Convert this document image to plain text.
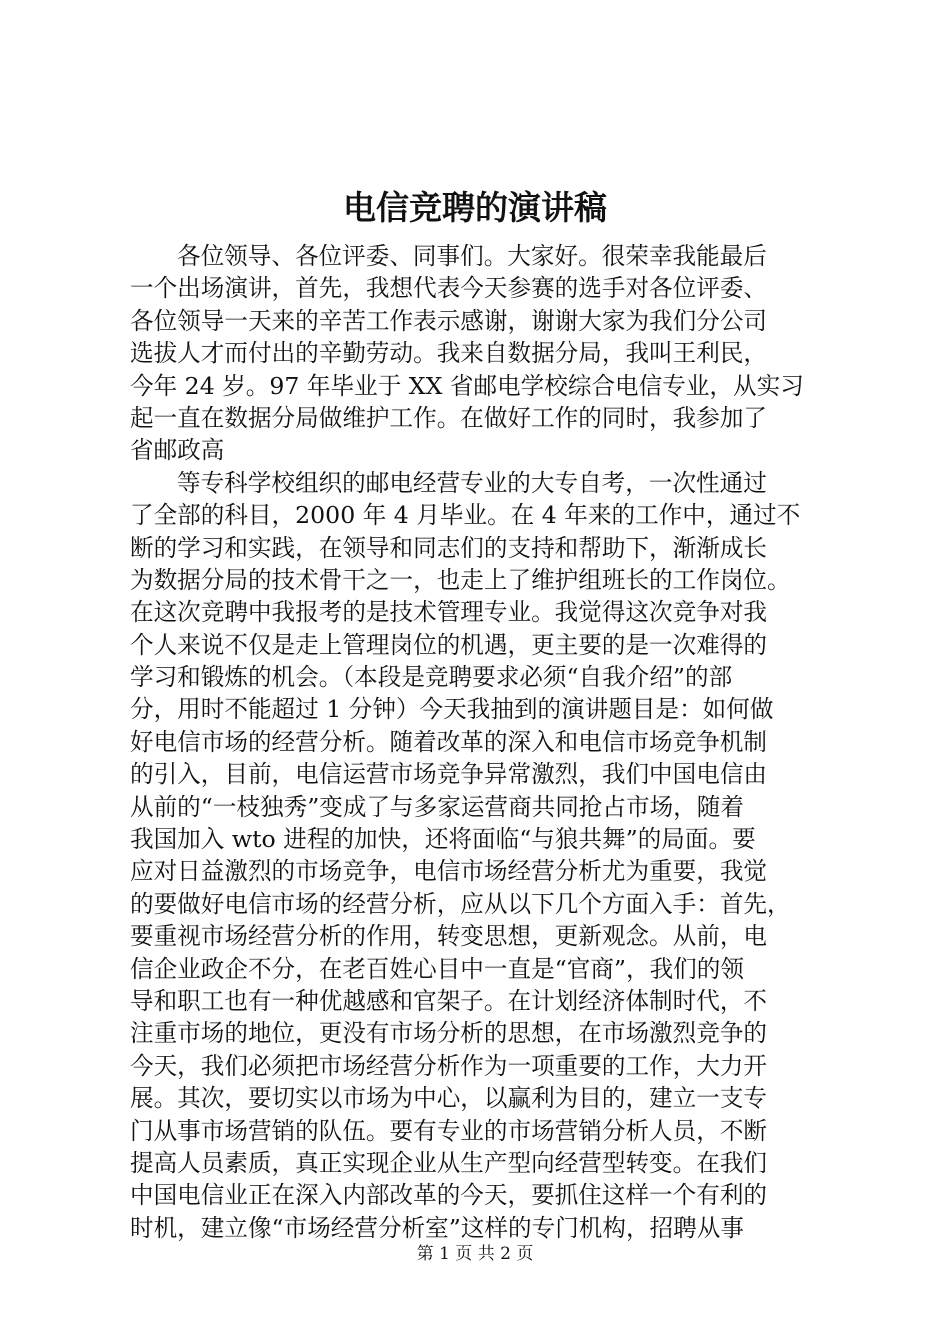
电信竞聘的演讲稿
各位领导、各位评委、同事们。大家好。很荣幸我能最后
一个出场演讲，首先，我想代表今天参赛的选手对各位评委、
各位领导一天来的辛苦工作表示感谢，谢谢大家为我们分公司
选拔人才而付出的辛勤劳动。我来自数据分局，我叫王利民，
今年 24 岁。97 年毕业于 XX 省邮电学校综合电信专业，从实习
起一直在数据分局做维护工作。在做好工作的同时，我参加了
省邮政高
等专科学校组织的邮电经营专业的大专自考，一次性通过
了全部的科目，2000 年 4 月毕业。在 4 年来的工作中，通过不
断的学习和实践，在领导和同志们的支持和帮助下，渐渐成长
为数据分局的技术骨干之一，也走上了维护组班长的工作岗位。
在这次竞聘中我报考的是技术管理专业。我觉得这次竞争对我
个人来说不仅是走上管理岗位的机遇，更主要的是一次难得的
学习和锻炼的机会。（本段是竞聘要求必须“自我介绍”的部
分，用时不能超过 1 分钟）今天我抽到的演讲题目是：如何做
好电信市场的经营分析。随着改革的深入和电信市场竞争机制
的引入，目前，电信运营市场竞争异常激烈，我们中国电信由
从前的“一枝独秀”变成了与多家运营商共同抢占市场，随着
我国加入 wto 进程的加快，还将面临“与狼共舞”的局面。要
应对日益激烈的市场竞争，电信市场经营分析尤为重要，我觉
的要做好电信市场的经营分析，应从以下几个方面入手：首先，
要重视市场经营分析的作用，转变思想，更新观念。从前，电
信企业政企不分，在老百姓心目中一直是“官商”，我们的领
导和职工也有一种优越感和官架子。在计划经济体制时代，不
注重市场的地位，更没有市场分析的思想，在市场激烈竞争的
今天，我们必须把市场经营分析作为一项重要的工作，大力开
展。其次，要切实以市场为中心，以赢利为目的，建立一支专
门从事市场营销的队伍。要有专业的市场营销分析人员，不断
提高人员素质，真正实现企业从生产型向经营型转变。在我们
中国电信业正在深入内部改革的今天，要抓住这样一个有利的
时机，建立像“市场经营分析室”这样的专门机构，招聘从事
第 1 页 共 2 页
